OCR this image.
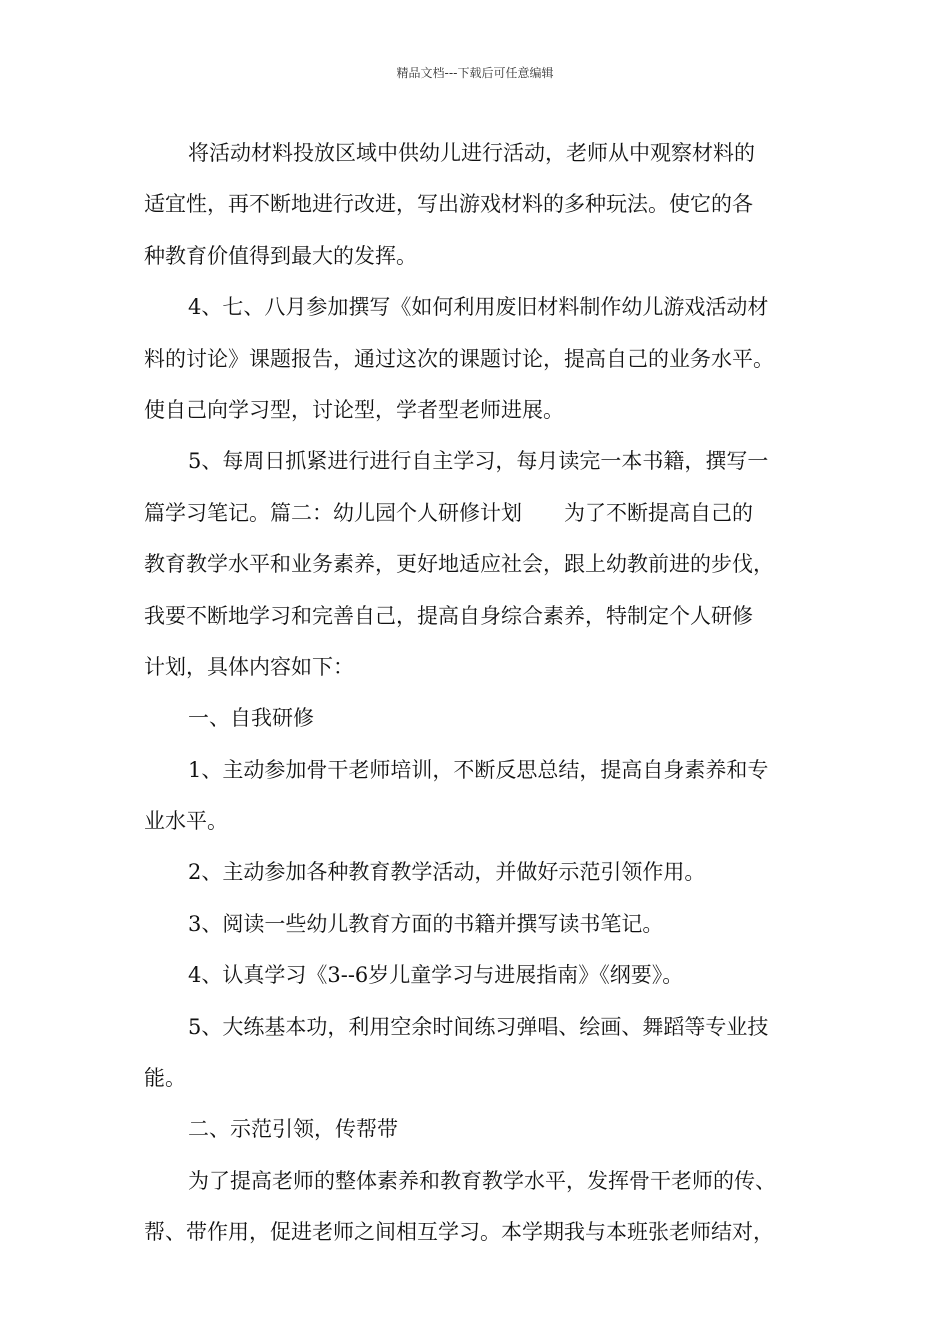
精品文档---下载后可任意编辑
将活动材料投放区域中供幼儿进行活动，老师从中观察材料的
适宜性，再不断地进行改进，写出游戏材料的多种玩法。使它的各
种教育价值得到最大的发挥。
4、七、八月参加撰写《如何利用废旧材料制作幼儿游戏活动材
料的讨论》课题报告，通过这次的课题讨论，提高自己的业务水平。
使自己向学习型，讨论型，学者型老师进展。
5、每周日抓紧进行进行自主学习，每月读完一本书籍，撰写一
篇学习笔记。篇二：幼儿园个人研修计划　　为了不断提高自己的
教育教学水平和业务素养，更好地适应社会，跟上幼教前进的步伐，
我要不断地学习和完善自己，提高自身综合素养，特制定个人研修
计划，具体内容如下：
一、自我研修
1、主动参加骨干老师培训，不断反思总结，提高自身素养和专
业水平。
2、主动参加各种教育教学活动，并做好示范引领作用。
3、阅读一些幼儿教育方面的书籍并撰写读书笔记。
4、认真学习《3--6岁儿童学习与进展指南》《纲要》。
5、大练基本功，利用空余时间练习弹唱、绘画、舞蹈等专业技
能。
二、示范引领，传帮带
为了提高老师的整体素养和教育教学水平，发挥骨干老师的传、
帮、带作用，促进老师之间相互学习。本学期我与本班张老师结对，
